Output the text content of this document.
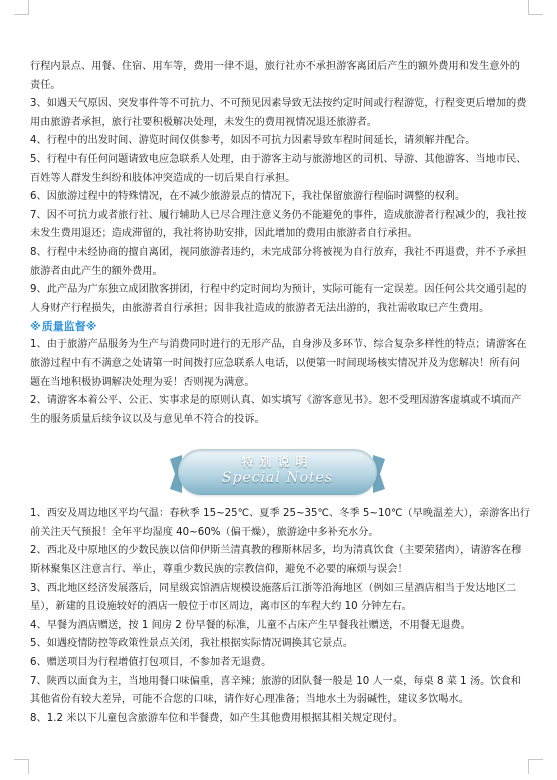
行程内景点、用餐、住宿、用车等，费用一律不退，旅行社亦不承担游客离团后产生的额外费用和发生意外的责任。

3、如遇天气原因、突发事件等不可抗力、不可预见因素导致无法按约定时间或行程游览，行程变更后增加的费用由旅游者承担，旅行社要积极解决处理，未发生的费用视情况退还旅游者。

4、行程中的出发时间、游览时间仅供参考，如因不可抗力因素导致车程时间延长，请须解并配合。

5、行程中有任何问题请致电应急联系人处理，由于游客主动与旅游地区的司机、导游、其他游客、当地市民、百姓等人群发生纠纷和肢体冲突造成的一切后果自行承担。

6、因旅游过程中的特殊情况，在不减少旅游景点的情况下，我社保留旅游行程临时调整的权利。

7、因不可抗力或者旅行社、履行辅助人已尽合理注意义务仍不能避免的事件，造成旅游者行程减少的，我社按未发生费用退还；造成滞留的，我社将协助安排，因此增加的费用由旅游者自行承担。

8、行程中未经协商的擅自离团，视同旅游者违约，未完成部分将被视为自行放弃，我社不再退费，并不予承担旅游者由此产生的额外费用。

9、此产品为广东独立成团散客拼团，行程中约定时间均为预计，实际可能有一定误差。因任何公共交通引起的人身财产行程损失，由旅游者自行承担；因非我社造成的旅游者无法出游的，我社需收取已产生费用。

※质量监督※

1、由于旅游产品服务为生产与消费同时进行的无形产品，自身涉及多环节、综合复杂多样性的特点；请游客在旅游过程中有不满意之处请第一时间拨打应急联系人电话，以便第一时间现场核实情况并及为您解决！所有问题在当地积极协调解决处理为妥！否则视为满意。

2、请游客本着公平、公正、实事求是的原则认真、如实填写《游客意见书》。恕不受理因游客虚填或不填而产生的服务质量后续争议以及与意见单不符合的投诉。

特别说明
Special Notes

1、西安及周边地区平均气温：春秋季 15~25℃、夏季 25~35℃、冬季 5~10℃（早晚温差大），亲游客出行前关注天气预报！全年平均湿度 40~60%（偏干燥），旅游途中多补充水分。

2、西北及中原地区的少数民族以信仰伊斯兰清真教的穆斯林居多，均为清真饮食（主要荣猪肉），请游客在穆斯林聚集区注意言行、举止，尊重少数民族的宗教信仰，避免不必要的麻烦与误会！

3、西北地区经济发展落后，同星级宾馆酒店规模设施落后江浙等沿海地区（例如三星酒店相当于发达地区二星），新建的且设施较好的酒店一般位于市区周边，离市区的车程大约 10 分钟左右。

4、早餐为酒店赠送，按 1 间房 2 份早餐的标准，儿童不占床产生早餐我社赠送，不用餐无退费。

5、如遇疫情防控等政策性景点关闭，我社根据实际情况调换其它景点。

6、赠送项目为行程增值打包项目，不参加者无退费。

7、陕西以面食为主，当地用餐口味偏重，喜辛辣；旅游的团队餐一般是 10 人一桌，每桌 8 菜 1 汤。饮食和其他省份有较大差异，可能不合您的口味，请作好心理准备；当地水土为弱碱性，建议多饮喝水。

8、1.2 米以下儿童包含旅游车位和半餐费，如产生其他费用根据其相关规定现付。
